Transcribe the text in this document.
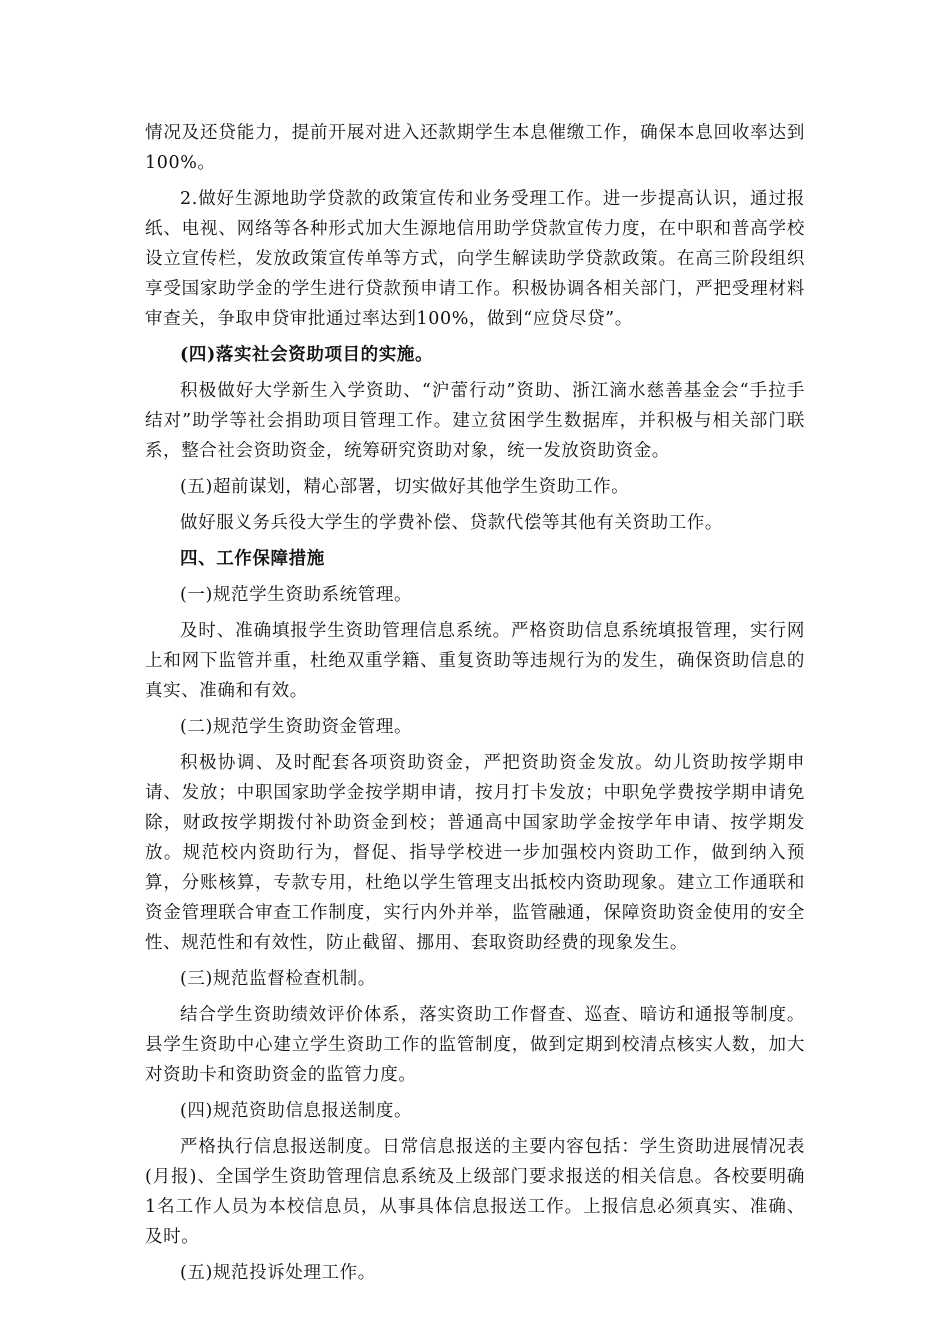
情况及还贷能力，提前开展对进入还款期学生本息催缴工作，确保本息回收率达到100%。

2.做好生源地助学贷款的政策宣传和业务受理工作。进一步提高认识，通过报纸、电视、网络等各种形式加大生源地信用助学贷款宣传力度，在中职和普高学校设立宣传栏，发放政策宣传单等方式，向学生解读助学贷款政策。在高三阶段组织享受国家助学金的学生进行贷款预申请工作。积极协调各相关部门，严把受理材料审查关，争取申贷审批通过率达到100%，做到“应贷尽贷”。

(四)落实社会资助项目的实施。

积极做好大学新生入学资助、“沪蕾行动”资助、浙江滴水慈善基金会“手拉手结对”助学等社会捐助项目管理工作。建立贫困学生数据库，并积极与相关部门联系，整合社会资助资金，统筹研究资助对象，统一发放资助资金。

(五)超前谋划，精心部署，切实做好其他学生资助工作。

做好服义务兵役大学生的学费补偿、贷款代偿等其他有关资助工作。

四、工作保障措施

(一)规范学生资助系统管理。

及时、准确填报学生资助管理信息系统。严格资助信息系统填报管理，实行网上和网下监管并重，杜绝双重学籍、重复资助等违规行为的发生，确保资助信息的真实、准确和有效。

(二)规范学生资助资金管理。

积极协调、及时配套各项资助资金，严把资助资金发放。幼儿资助按学期申请、发放；中职国家助学金按学期申请，按月打卡发放；中职免学费按学期申请免除，财政按学期拨付补助资金到校；普通高中国家助学金按学年申请、按学期发放。规范校内资助行为，督促、指导学校进一步加强校内资助工作，做到纳入预算，分账核算，专款专用，杜绝以学生管理支出抵校内资助现象。建立工作通联和资金管理联合审查工作制度，实行内外并举，监管融通，保障资助资金使用的安全性、规范性和有效性，防止截留、挪用、套取资助经费的现象发生。

(三)规范监督检查机制。

结合学生资助绩效评价体系，落实资助工作督查、巡查、暗访和通报等制度。县学生资助中心建立学生资助工作的监管制度，做到定期到校清点核实人数，加大对资助卡和资助资金的监管力度。

(四)规范资助信息报送制度。

严格执行信息报送制度。日常信息报送的主要内容包括：学生资助进展情况表(月报)、全国学生资助管理信息系统及上级部门要求报送的相关信息。各校要明确1名工作人员为本校信息员，从事具体信息报送工作。上报信息必须真实、准确、及时。

(五)规范投诉处理工作。
